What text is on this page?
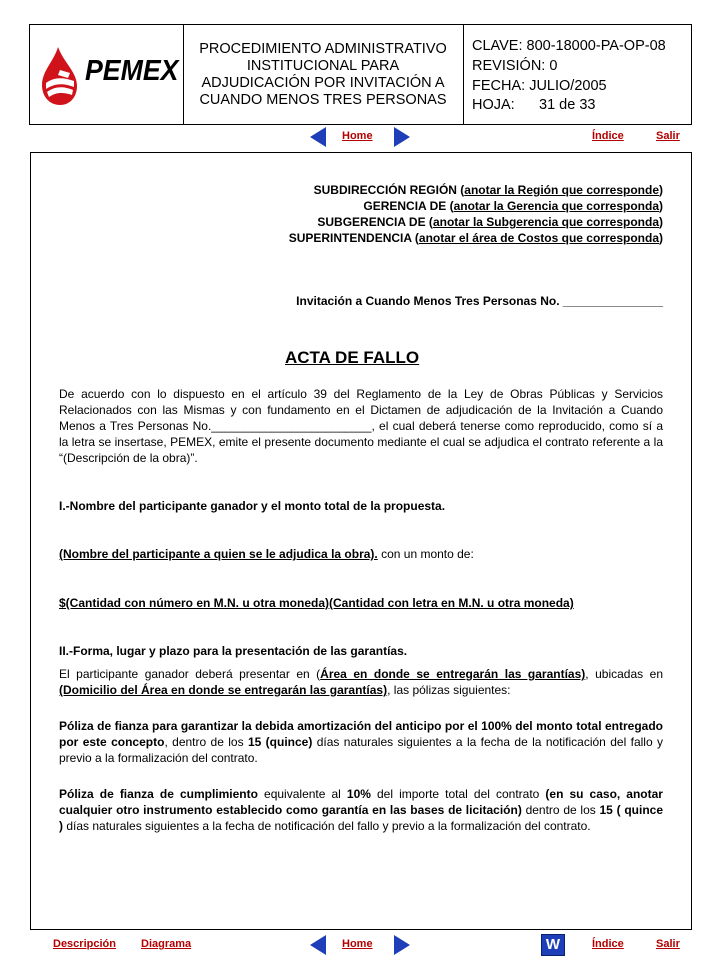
PEMEX
PROCEDIMIENTO ADMINISTRATIVO
INSTITUCIONAL PARA
ADJUDICACIÓN POR INVITACIÓN A
CUANDO MENOS TRES PERSONAS
CLAVE: 800-18000-PA-OP-08
REVISIÓN: 0
FECHA: JULIO/2005
HOJA: 31 de 33
Home	Índice	Salir
SUBDIRECCIÓN REGIÓN (anotar la Región que corresponde)
GERENCIA DE (anotar la Gerencia que corresponda)
SUBGERENCIA DE (anotar la Subgerencia que corresponda)
SUPERINTENDENCIA (anotar el área de Costos que corresponda)
Invitación a Cuando Menos Tres Personas No. _______________
ACTA DE FALLO
De acuerdo con lo dispuesto en el artículo 39 del Reglamento de la Ley de Obras Públicas y Servicios Relacionados con las Mismas y con fundamento en el Dictamen de adjudicación de la Invitación a Cuando Menos a Tres Personas No.________________________, el cual deberá tenerse como reproducido, como sí a la letra se insertase, PEMEX, emite el presente documento mediante el cual se adjudica el contrato referente a la “(Descripción de la obra)”.
I.-Nombre del participante ganador y el monto total de la propuesta.
(Nombre del participante a quien se le adjudica la obra). con un monto de:
$(Cantidad con número en M.N. u otra moneda)(Cantidad con letra en M.N. u otra moneda)
II.-Forma, lugar y plazo para la presentación de las garantías.
El participante ganador deberá presentar en (Área en donde se entregarán las garantías), ubicadas en (Domicilio del Área en donde se entregarán las garantías), las pólizas siguientes:
Póliza de fianza para garantizar la debida amortización del anticipo por el 100% del monto total entregado por este concepto, dentro de los 15 (quince) días naturales siguientes a la fecha de la notificación del fallo y previo a la formalización del contrato.
Póliza de fianza de cumplimiento equivalente al 10% del importe total del contrato (en su caso, anotar cualquier otro instrumento establecido como garantía en las bases de licitación) dentro de los 15 ( quince ) días naturales siguientes a la fecha de notificación del fallo y previo a la formalización del contrato.
Descripción Diagrama	Home	W	Índice	Salir
